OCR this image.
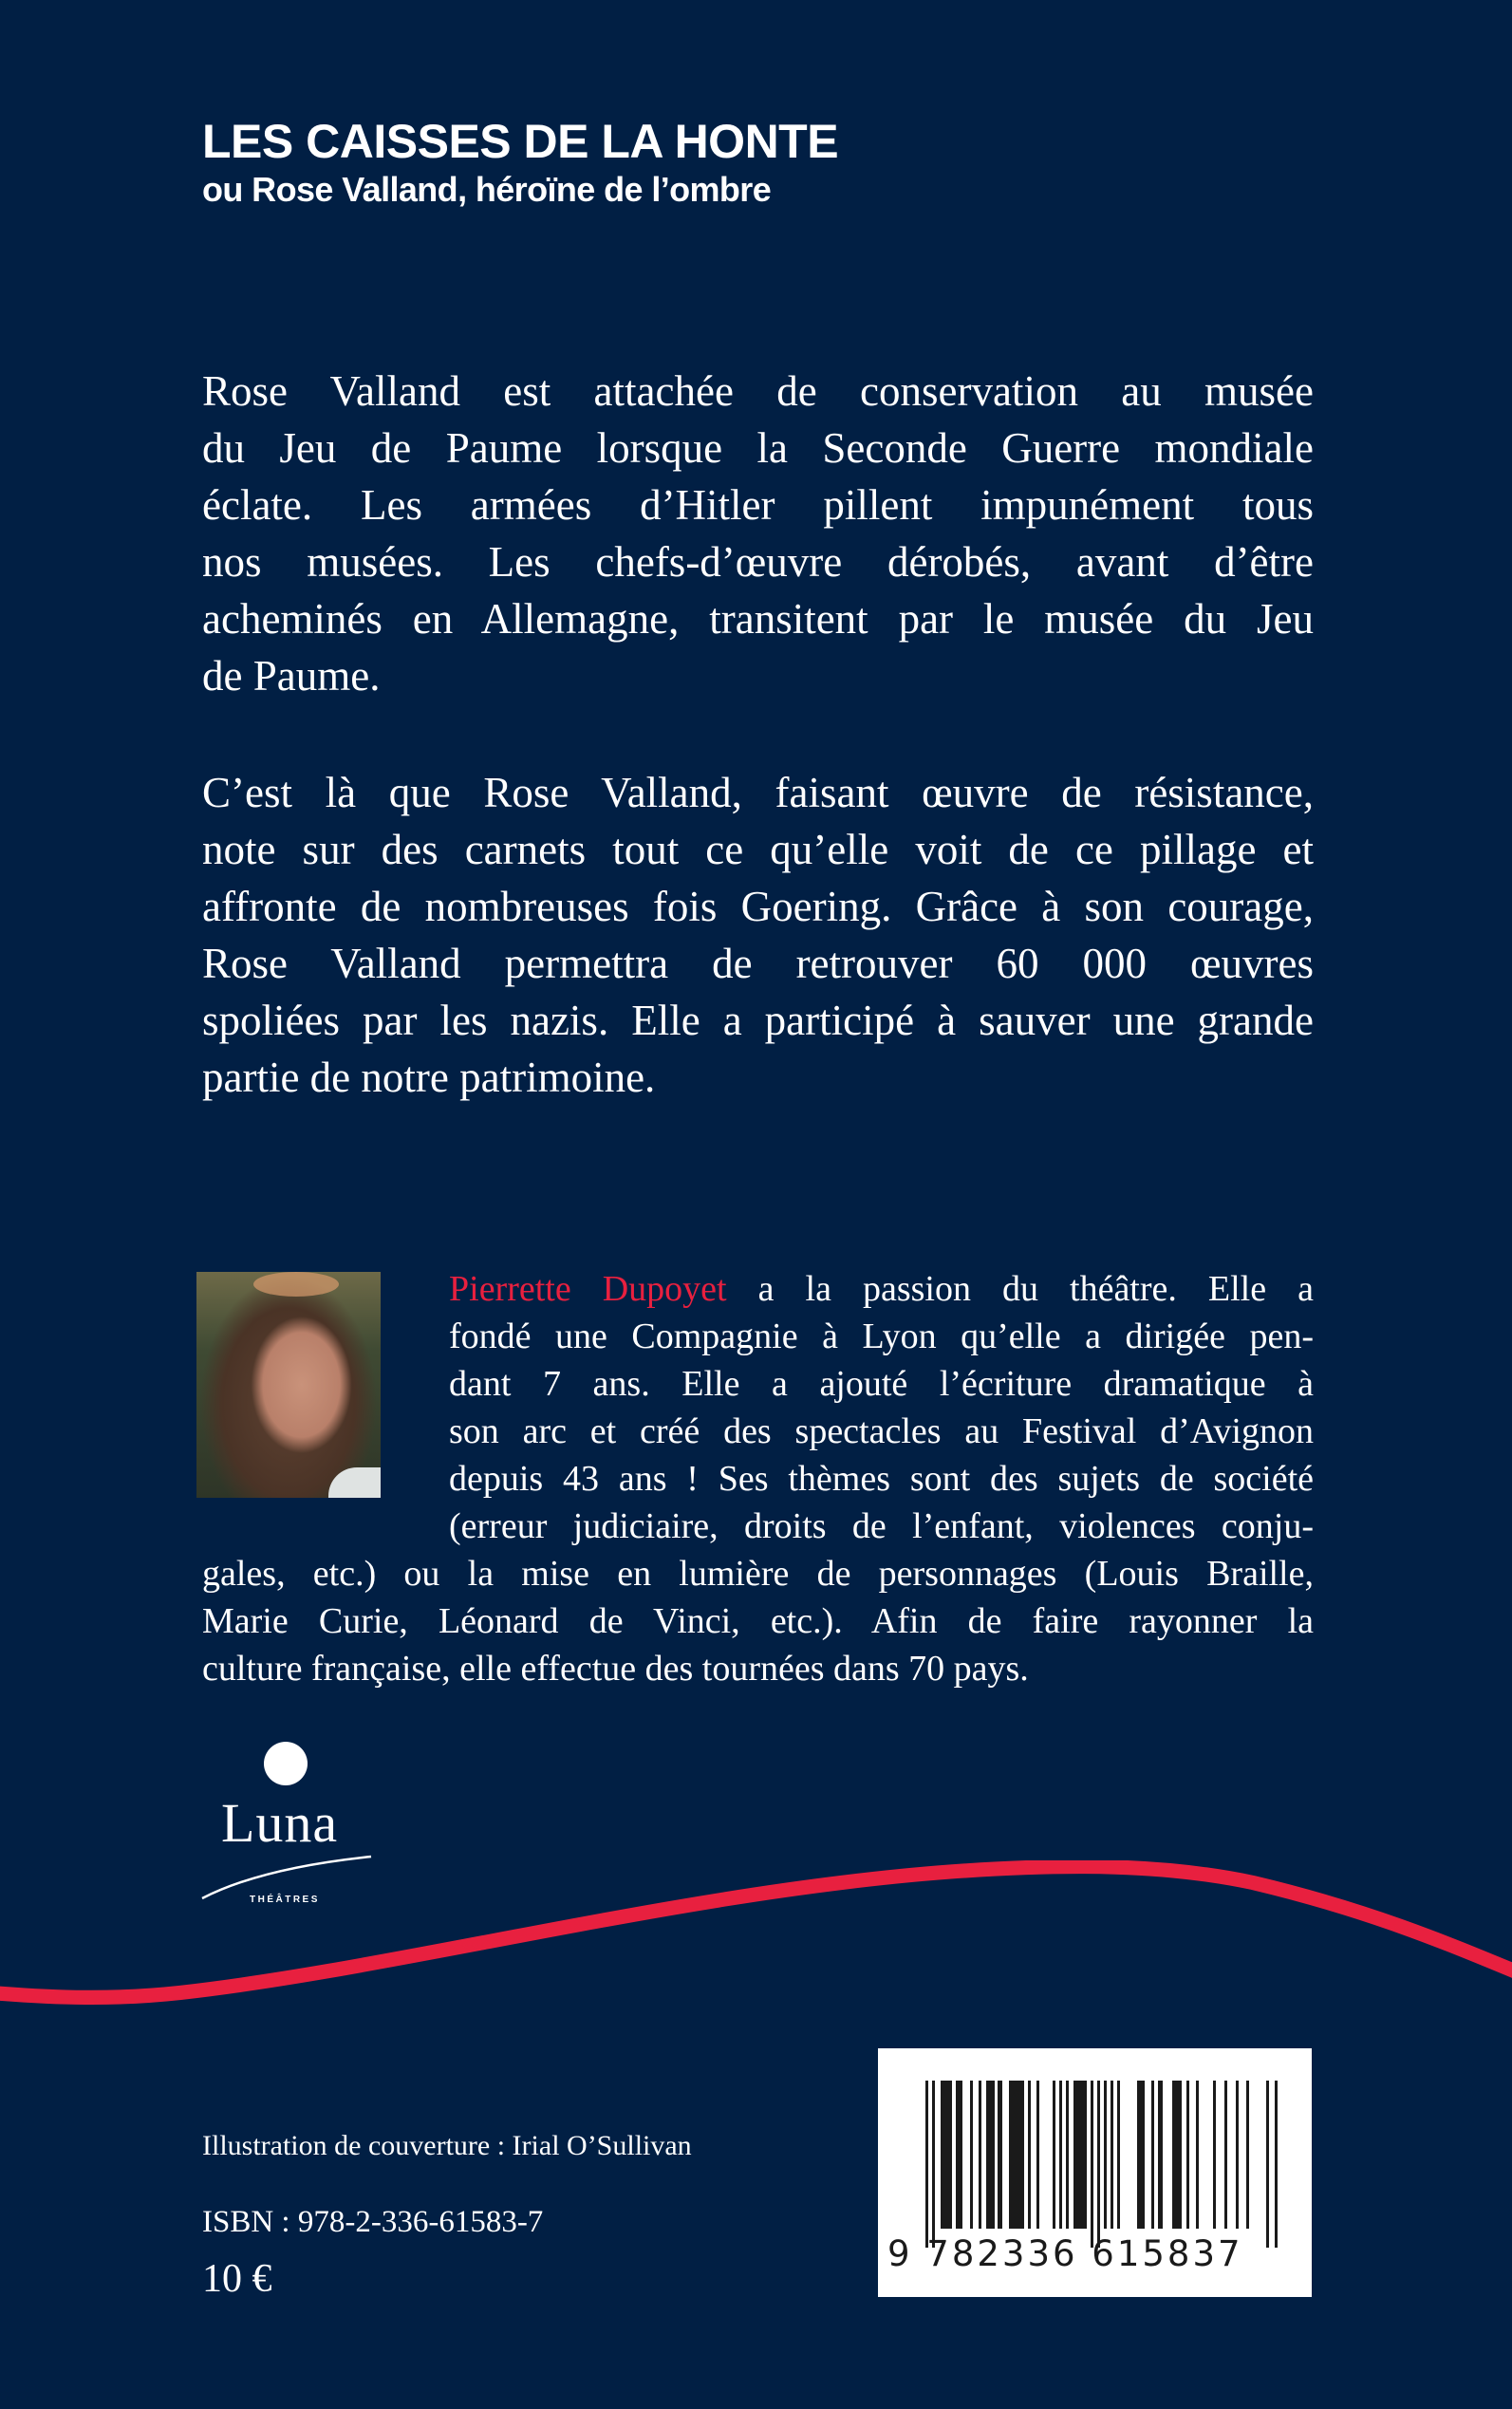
LES CAISSES DE LA HONTE
ou Rose Valland, héroïne de l’ombre
Rose Valland est attachée de conservation au musée
du Jeu de Paume lorsque la Seconde Guerre mondiale
éclate. Les armées d’Hitler pillent impunément tous
nos musées. Les chefs-d’œuvre dérobés, avant d’être
acheminés en Allemagne, transitent par le musée du Jeu
de Paume.
C’est là que Rose Valland, faisant œuvre de résistance,
note sur des carnets tout ce qu’elle voit de ce pillage et
affronte de nombreuses fois Goering. Grâce à son courage,
Rose Valland permettra de retrouver 60 000 œuvres
spoliées par les nazis. Elle a participé à sauver une grande
partie de notre patrimoine.
Pierrette Dupoyet a la passion du théâtre. Elle a
fondé une Compagnie à Lyon qu’elle a dirigée pen-
dant 7 ans. Elle a ajouté l’écriture dramatique à
son arc et créé des spectacles au Festival d’Avignon
depuis 43 ans ! Ses thèmes sont des sujets de société
(erreur judiciaire, droits de l’enfant, violences conju-
gales, etc.) ou la mise en lumière de personnages (Louis Braille,
Marie Curie, Léonard de Vinci, etc.). Afin de faire rayonner la
culture française, elle effectue des tournées dans 70 pays.
Luna
THÉÂTRES
Illustration de couverture : Irial O’Sullivan
ISBN : 978-2-336-61583-7
10 €
9 782336 615837
